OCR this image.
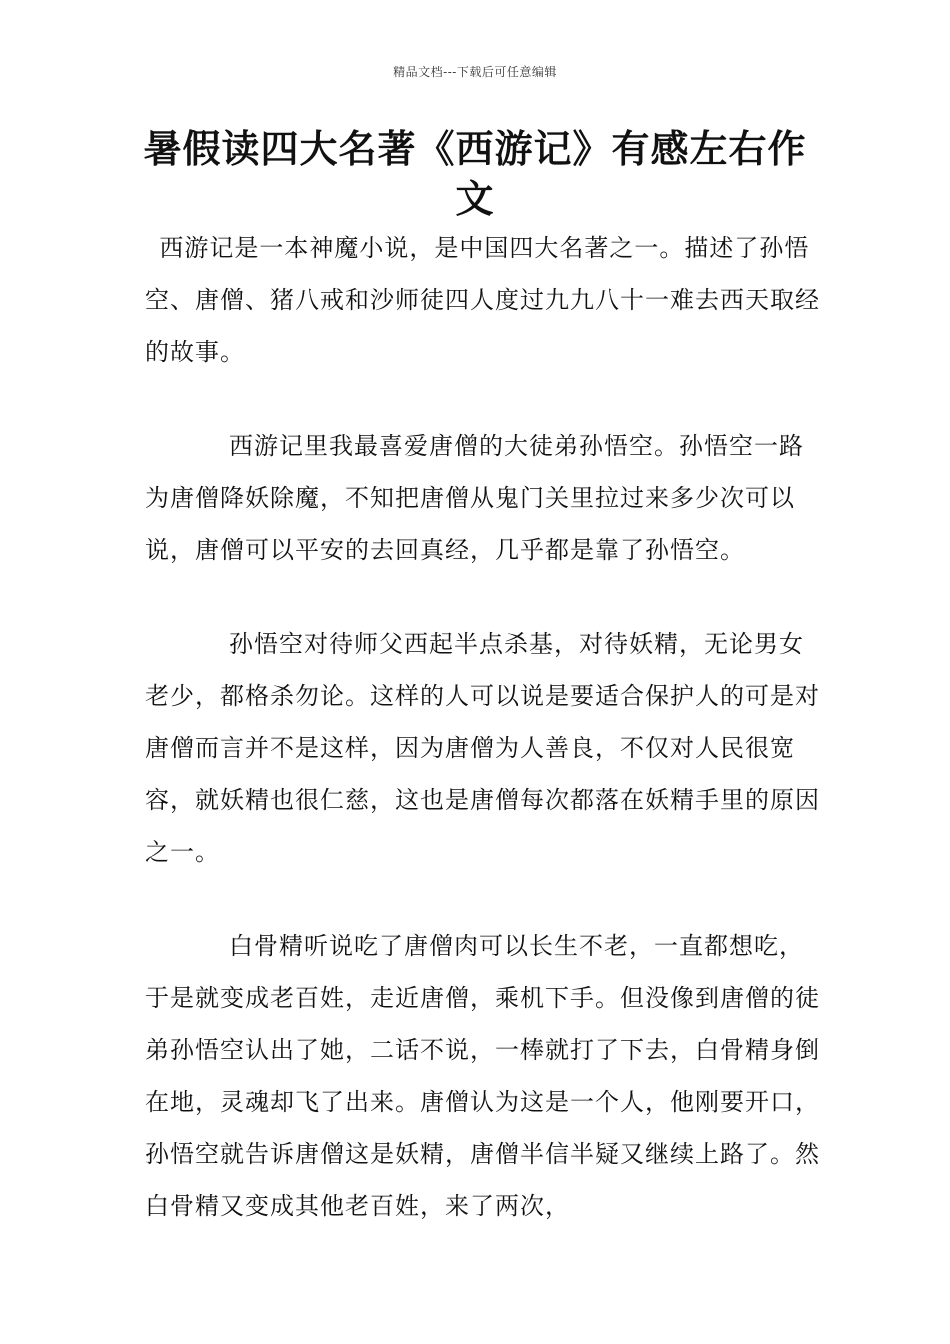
精品文档---下载后可任意编辑
暑假读四大名著《西游记》有感左右作文

西游记是一本神魔小说，是中国四大名著之一。描述了孙悟空、唐僧、猪八戒和沙师徒四人度过九九八十一难去西天取经的故事。

西游记里我最喜爱唐僧的大徒弟孙悟空。孙悟空一路为唐僧降妖除魔，不知把唐僧从鬼门关里拉过来多少次可以说，唐僧可以平安的去回真经，几乎都是靠了孙悟空。

孙悟空对待师父西起半点杀基，对待妖精，无论男女老少，都格杀勿论。这样的人可以说是要适合保护人的可是对唐僧而言并不是这样，因为唐僧为人善良，不仅对人民很宽容，就妖精也很仁慈，这也是唐僧每次都落在妖精手里的原因之一。

白骨精听说吃了唐僧肉可以长生不老，一直都想吃，于是就变成老百姓，走近唐僧，乘机下手。但没像到唐僧的徒弟孙悟空认出了她，二话不说，一棒就打了下去，白骨精身倒在地，灵魂却飞了出来。唐僧认为这是一个人，他刚要开口，孙悟空就告诉唐僧这是妖精，唐僧半信半疑又继续上路了。然白骨精又变成其他老百姓，来了两次，
